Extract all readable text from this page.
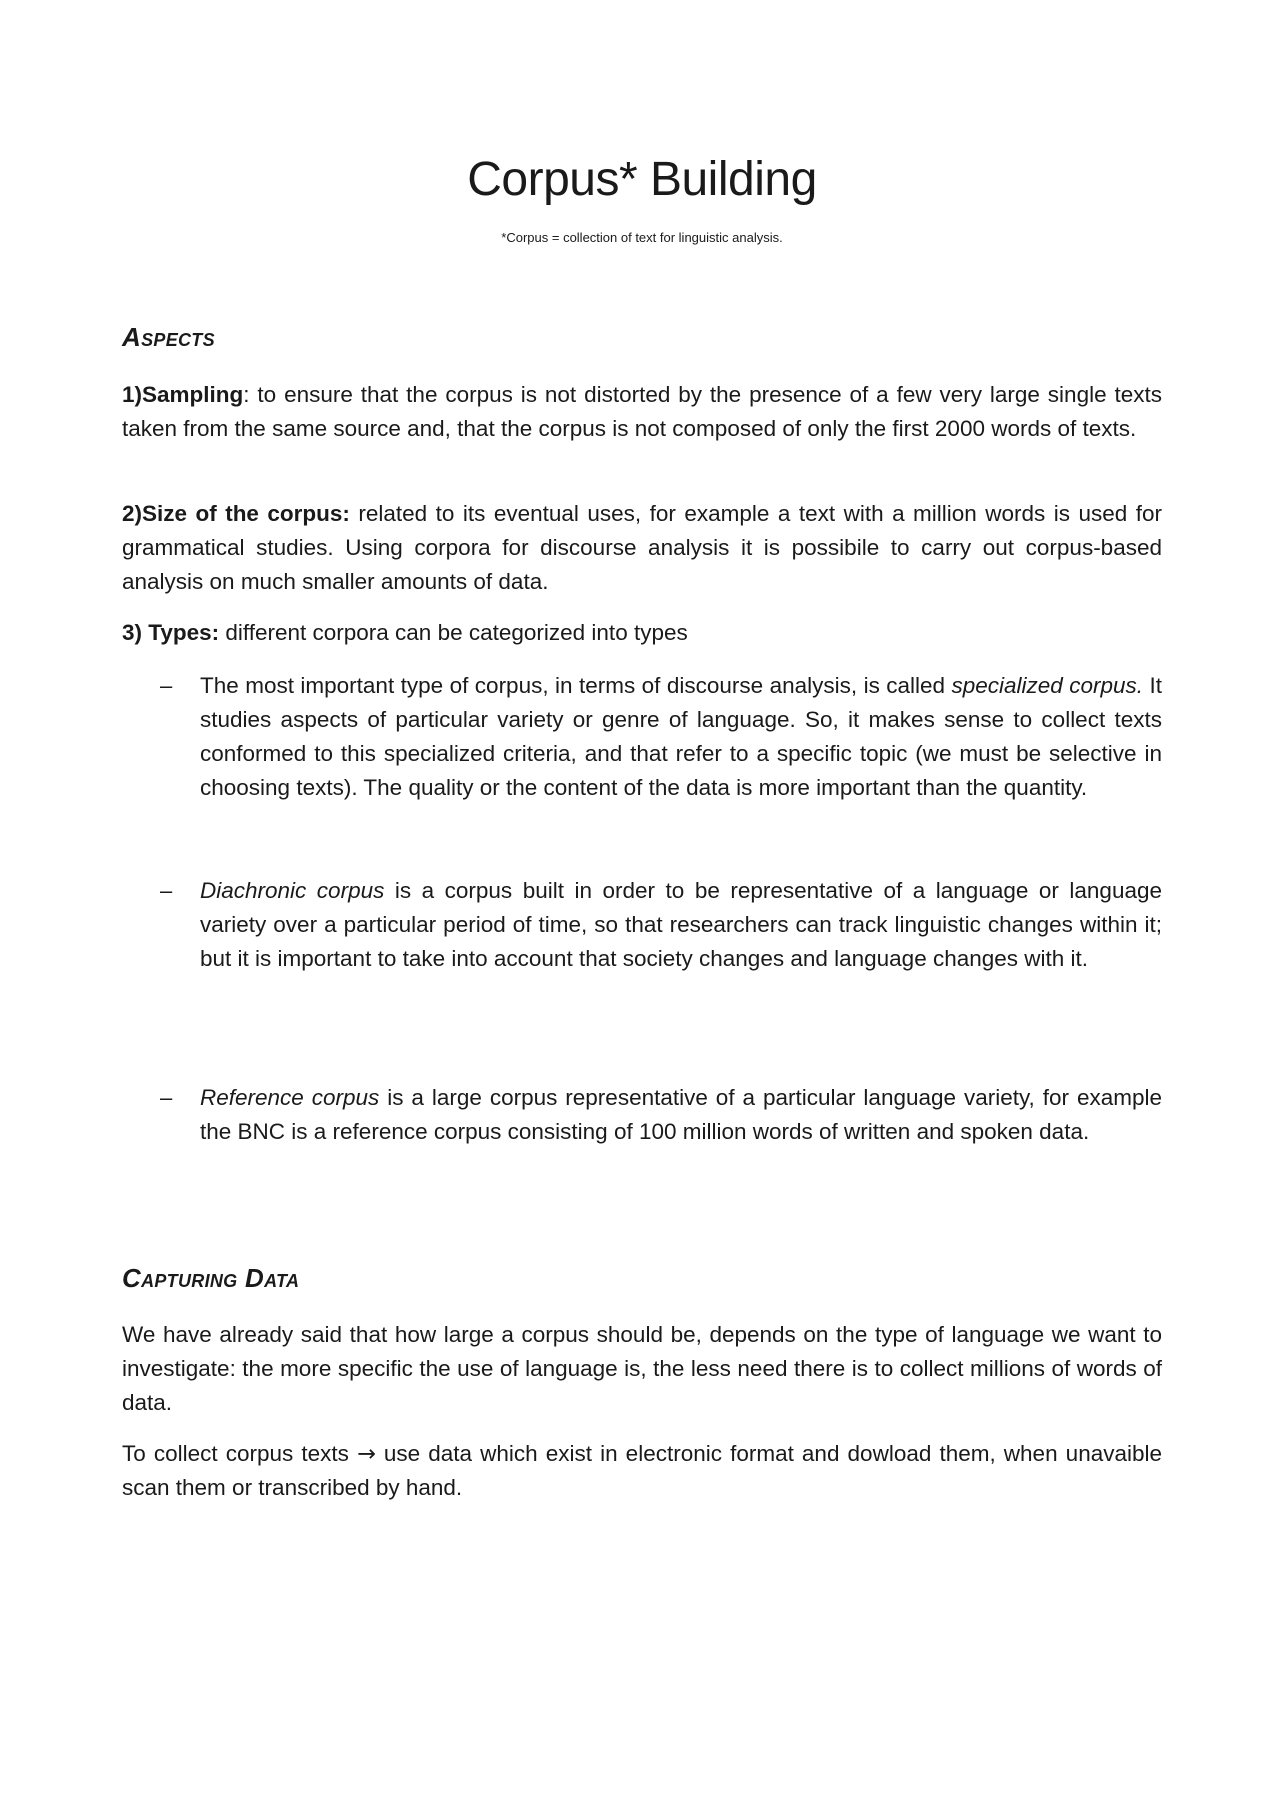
Corpus* Building

*Corpus = collection of text for linguistic analysis.

Aspects

1)Sampling: to ensure that the corpus is not distorted by the presence of a few very large single texts taken from the same source and, that the corpus is not composed of only the first 2000 words of texts.

2)Size of the corpus: related to its eventual uses, for example a text with a million words is used for grammatical studies. Using corpora for discourse analysis it is possibile to carry out corpus-based analysis on much smaller amounts of data.

3) Types: different corpora can be categorized into types

– The most important type of corpus, in terms of discourse analysis, is called specialized corpus. It studies aspects of particular variety or genre of language. So, it makes sense to collect texts conformed to this specialized criteria, and that refer to a specific topic (we must be selective in choosing texts). The quality or the content of the data is more important than the quantity.

– Diachronic corpus is a corpus built in order to be representative of a language or language variety over a particular period of time, so that researchers can track linguistic changes within it; but it is important to take into account that society changes and language changes with it.

– Reference corpus is a large corpus representative of a particular language variety, for example the BNC is a reference corpus consisting of 100 million words of written and spoken data.

Capturing Data

We have already said that how large a corpus should be, depends on the type of language we want to investigate: the more specific the use of language is, the less need there is to collect millions of words of data.

To collect corpus texts → use data which exist in electronic format and dowload them, when unavaible scan them or transcribed by hand.
